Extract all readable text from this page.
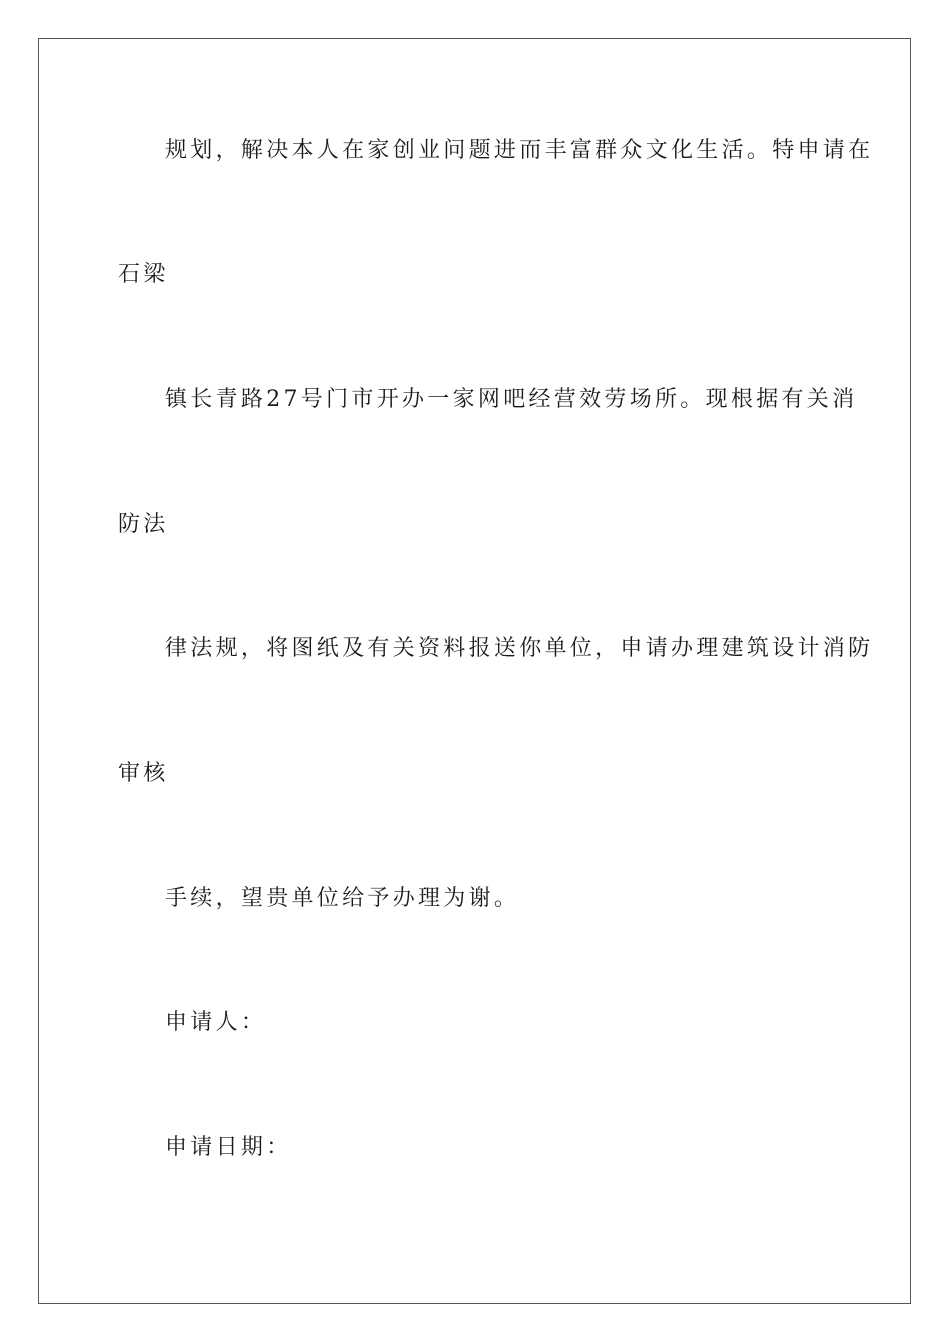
规划，解决本人在家创业问题进而丰富群众文化生活。特申请在
石梁
镇长青路27号门市开办一家网吧经营效劳场所。现根据有关消
防法
律法规，将图纸及有关资料报送你单位，申请办理建筑设计消防
审核
手续，望贵单位给予办理为谢。
申请人：
申请日期：
